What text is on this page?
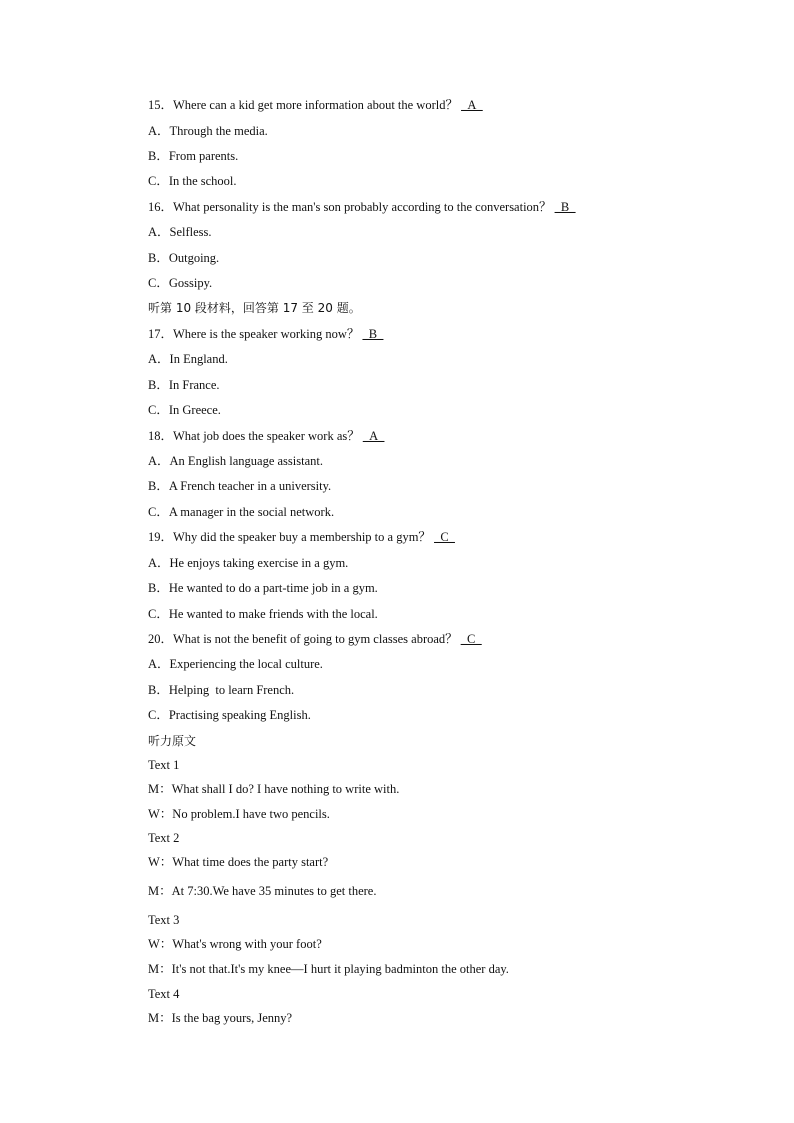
15．Where can a kid get more information about the world？ _A_
A．Through the media.
B．From parents.
C．In the school.
16．What personality is the man's son probably according to the conversation？ _B_
A．Selfless.
B．Outgoing.
C．Gossipy.
听第 10 段材料，回答第 17 至 20 题。
17．Where is the speaker working now？ _B_
A．In England.
B．In France.
C．In Greece.
18．What job does the speaker work as？ _A_
A．An English language assistant.
B．A French teacher in a university.
C．A manager in the social network.
19．Why did the speaker buy a membership to a gym？ _C_
A．He enjoys taking exercise in a gym.
B．He wanted to do a part-time job in a gym.
C．He wanted to make friends with the local.
20．What is not the benefit of going to gym classes abroad？ _C_
A．Experiencing the local culture.
B．Helping  to learn French.
C．Practising speaking English.
听力原文
Text 1
M：What shall I do? I have nothing to write with.
W：No problem.I have two pencils.
Text 2
W：What time does the party start?
M：At 7:30.We have 35 minutes to get there.
Text 3
W：What's wrong with your foot?
M：It's not that.It's my knee—I hurt it playing badminton the other day.
Text 4
M：Is the bag yours, Jenny?
